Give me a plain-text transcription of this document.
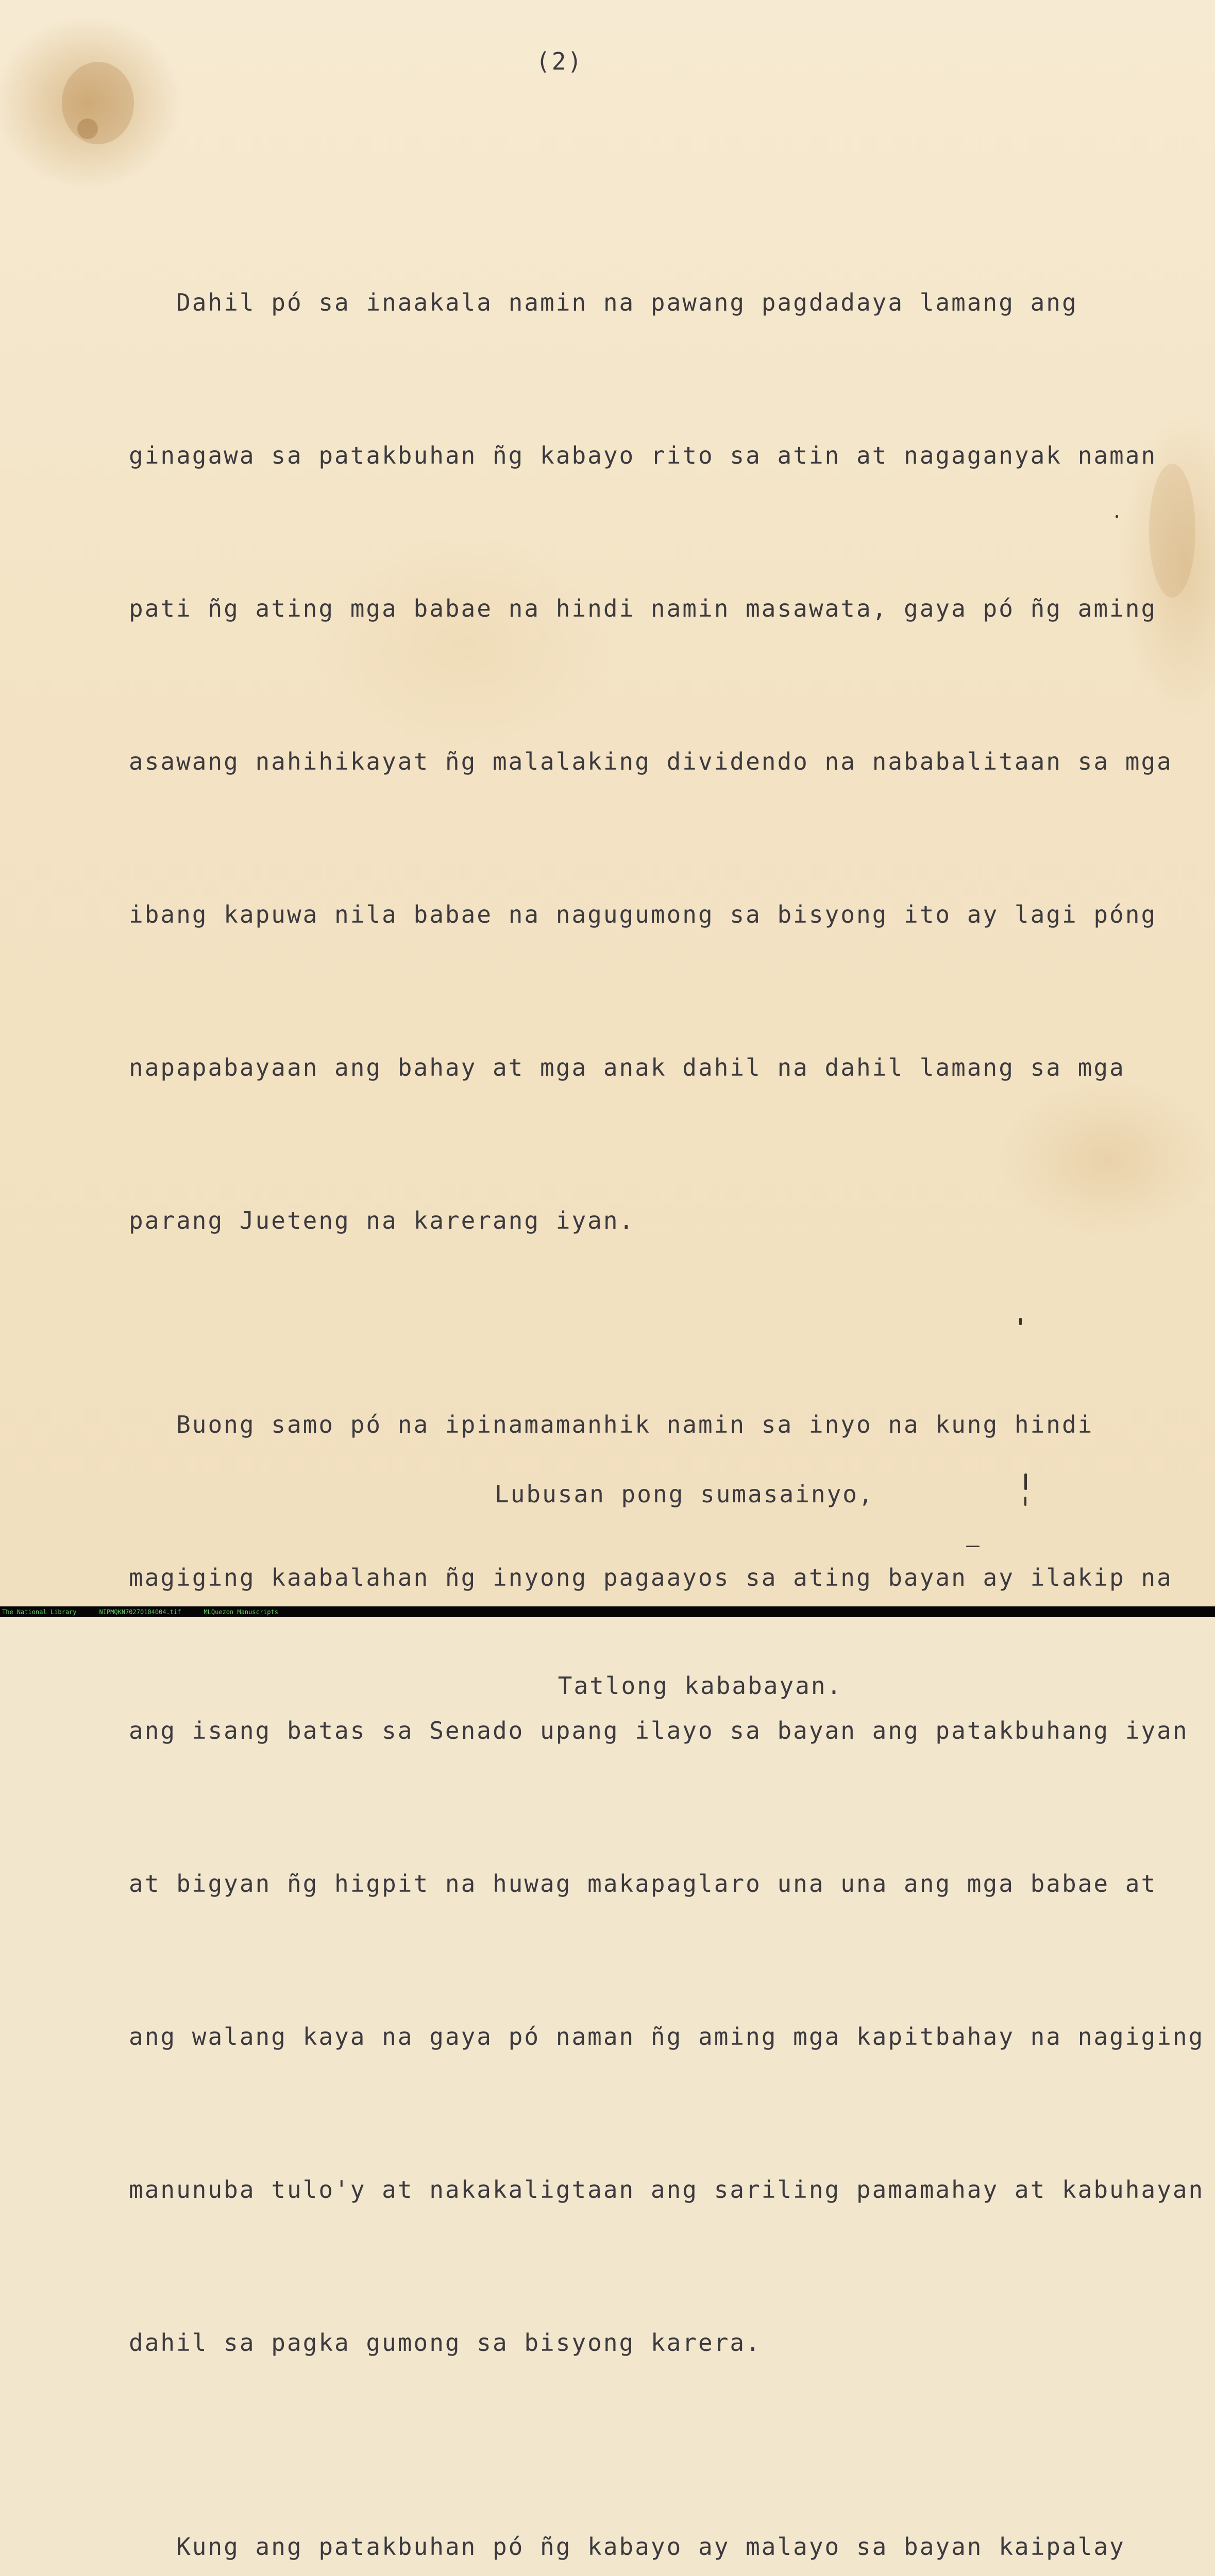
(2)

Dahil pó sa inaakala namin na pawang pagdadaya lamang ang

ginagawa sa patakbuhan ñg kabayo rito sa atin at nagaganyak naman

pati ñg ating mga babae na hindi namin masawata, gaya pó ñg aming

asawang nahihikayat ñg malalaking dividendo na nababalitaan sa mga

ibang kapuwa nila babae na nagugumong sa bisyong ito ay lagi póng

napapabayaan ang bahay at mga anak dahil na dahil lamang sa mga

parang Jueteng na karerang iyan.

Buong samo pó na ipinamamanhik namin sa inyo na kung hindi

magiging kaabalahan ñg inyong pagaayos sa ating bayan ay ilakip na

ang isang batas sa Senado upang ilayo sa bayan ang patakbuhang iyan

at bigyan ñg higpit na huwag makapaglaro una una ang mga babae at

ang walang kaya na gaya pó naman ñg aming mga kapitbahay na nagiging

manunuba tulo'y at nakakaligtaan ang sariling pamamahay at kabuhayan

dahil sa pagka gumong sa bisyong karera.

Kung ang patakbuhan pó ñg kabayo ay malayo sa bayan kaipalay

Lubusan pong sumasainyo,

Tatlong kababayan.

The National Library	NIPMQKN70270104004.tif	MLQuezon Manuscripts
